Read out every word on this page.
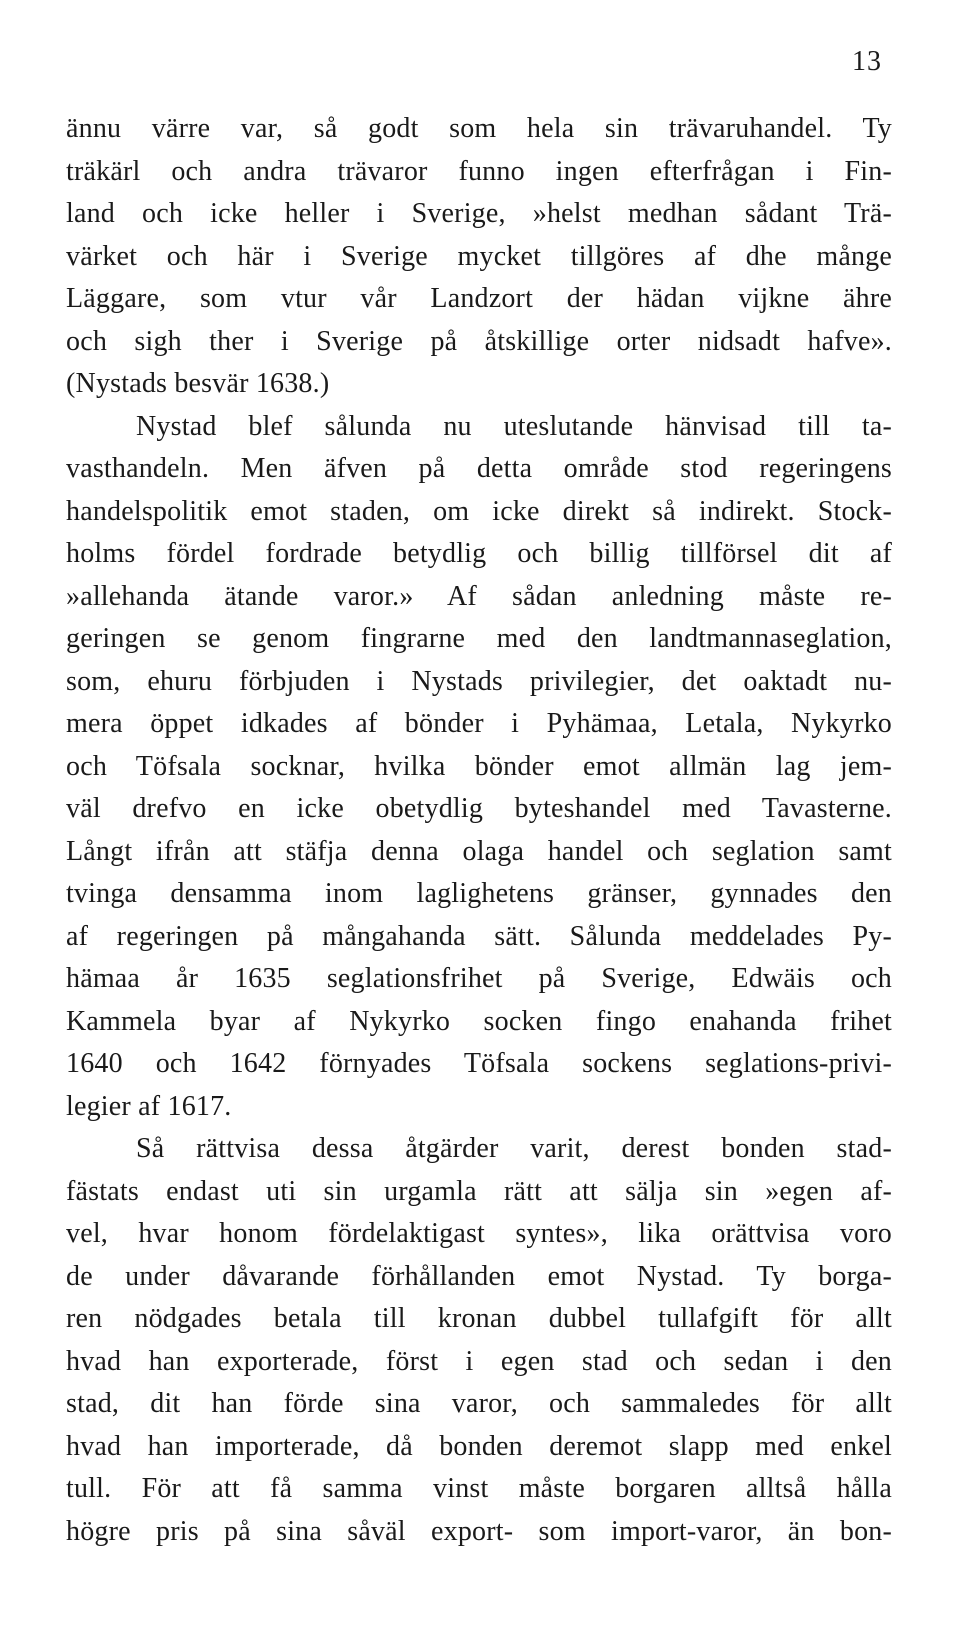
13
ännu värre var, så godt som hela sin trävaruhandel. Ty
träkärl och andra trävaror funno ingen efterfrågan i Fin-
land och icke heller i Sverige, »helst medhan sådant Trä-
värket och här i Sverige mycket tillgöres af dhe månge
Läggare, som vtur vår Landzort der hädan vijkne ähre
och sigh ther i Sverige på åtskillige orter nidsadt hafve».
(Nystads besvär 1638.)
Nystad blef sålunda nu uteslutande hänvisad till ta-
vasthandeln. Men äfven på detta område stod regeringens
handelspolitik emot staden, om icke direkt så indirekt. Stock-
holms fördel fordrade betydlig och billig tillförsel dit af
»allehanda ätande varor.» Af sådan anledning måste re-
geringen se genom fingrarne med den landtmannaseglation,
som, ehuru förbjuden i Nystads privilegier, det oaktadt nu-
mera öppet idkades af bönder i Pyhämaa, Letala, Nykyrko
och Töfsala socknar, hvilka bönder emot allmän lag jem-
väl drefvo en icke obetydlig byteshandel med Tavasterne.
Långt ifrån att stäfja denna olaga handel och seglation samt
tvinga densamma inom laglighetens gränser, gynnades den
af regeringen på mångahanda sätt. Sålunda meddelades Py-
hämaa år 1635 seglationsfrihet på Sverige, Edwäis och
Kammela byar af Nykyrko socken fingo enahanda frihet
1640 och 1642 förnyades Töfsala sockens seglations-privi-
legier af 1617.
Så rättvisa dessa åtgärder varit, derest bonden stad-
fästats endast uti sin urgamla rätt att sälja sin »egen af-
vel, hvar honom fördelaktigast syntes», lika orättvisa voro
de under dåvarande förhållanden emot Nystad. Ty borga-
ren nödgades betala till kronan dubbel tullafgift för allt
hvad han exporterade, först i egen stad och sedan i den
stad, dit han förde sina varor, och sammaledes för allt
hvad han importerade, då bonden deremot slapp med enkel
tull. För att få samma vinst måste borgaren alltså hålla
högre pris på sina såväl export- som import-varor, än bon-
